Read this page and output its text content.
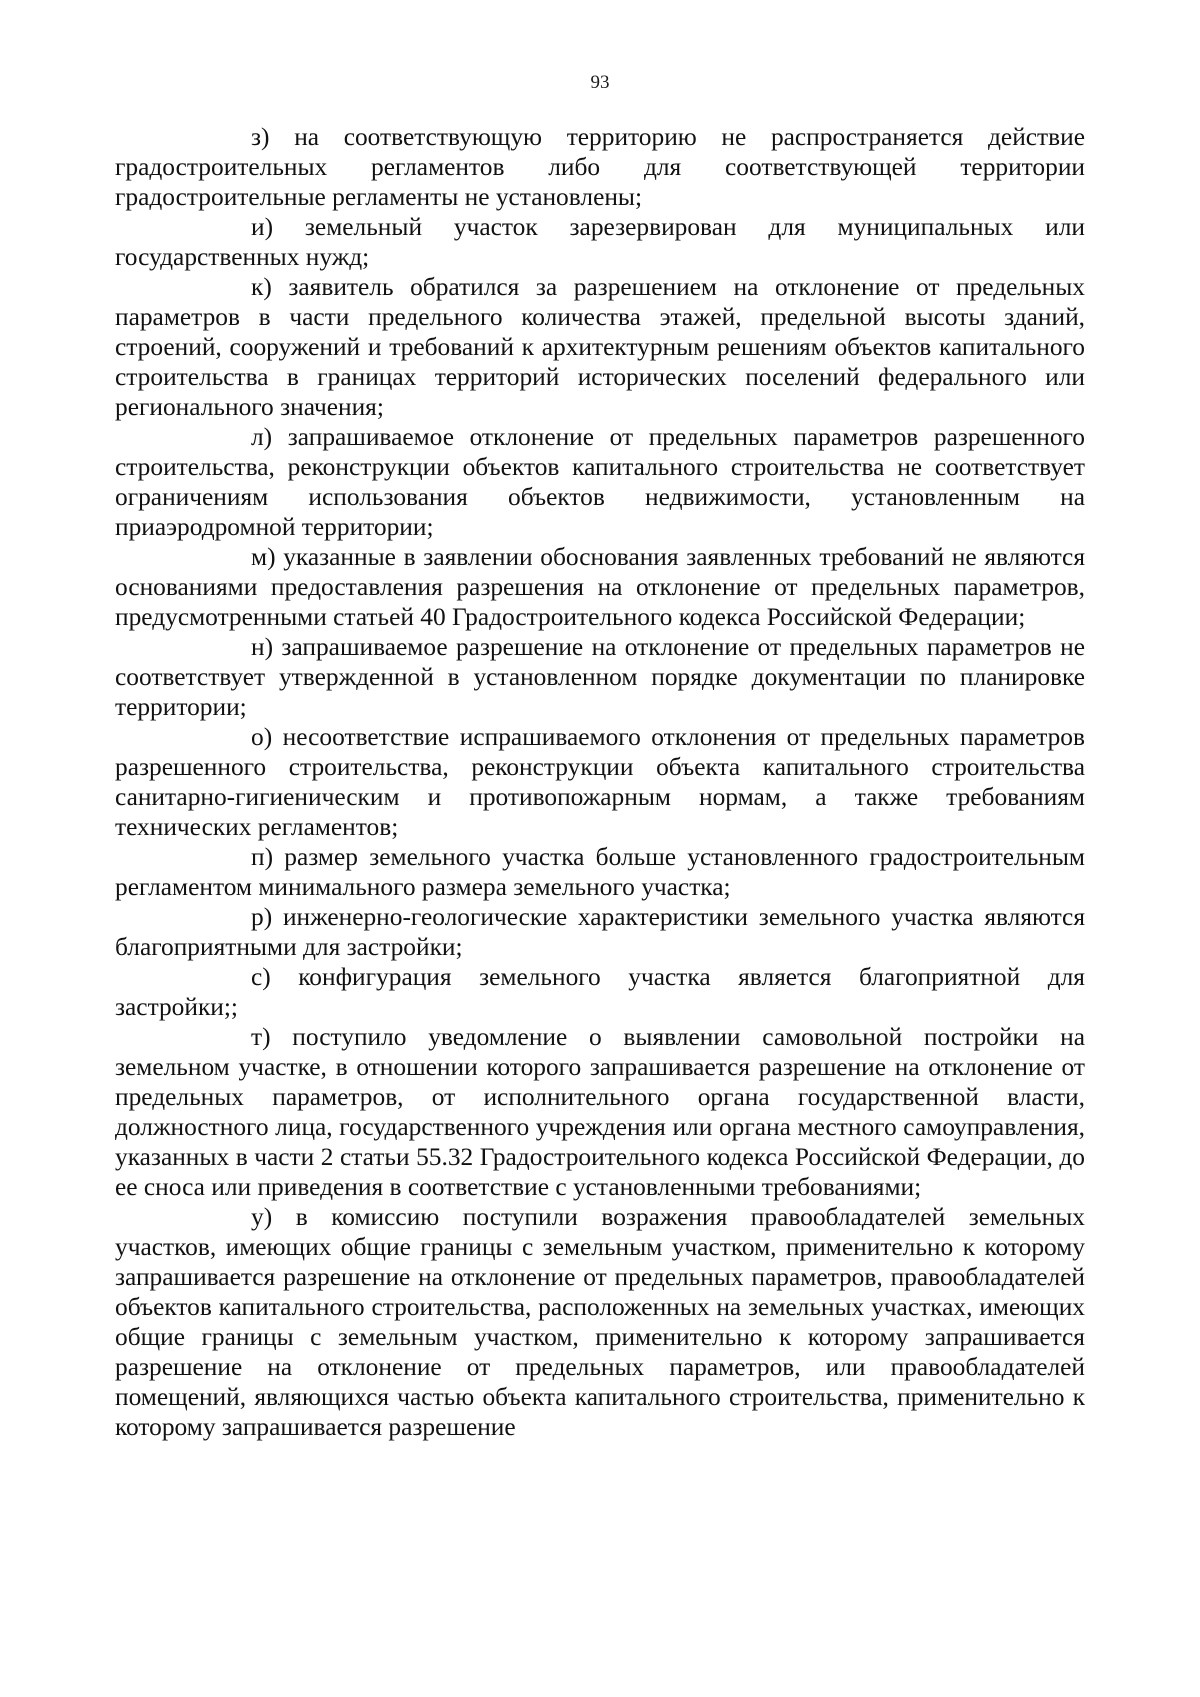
93

з) на соответствующую территорию не распространяется действие градостроительных регламентов либо для соответствующей территории градостроительные регламенты не установлены;

и) земельный участок зарезервирован для муниципальных или государственных нужд;

к) заявитель обратился за разрешением на отклонение от предельных параметров в части предельного количества этажей, предельной высоты зданий, строений, сооружений и требований к архитектурным решениям объектов капитального строительства в границах территорий исторических поселений федерального или регионального значения;

л) запрашиваемое отклонение от предельных параметров разрешенного строительства, реконструкции объектов капитального строительства не соответствует ограничениям использования объектов недвижимости, установленным на приаэродромной территории;

м) указанные в заявлении обоснования заявленных требований не являются основаниями предоставления разрешения на отклонение от предельных параметров, предусмотренными статьей 40 Градостроительного кодекса Российской Федерации;

н) запрашиваемое разрешение на отклонение от предельных параметров не соответствует утвержденной в установленном порядке документации по планировке территории;

о) несоответствие испрашиваемого отклонения от предельных параметров разрешенного строительства, реконструкции объекта капитального строительства санитарно-гигиеническим и противопожарным нормам, а также требованиям технических регламентов;

п) размер земельного участка больше установленного градостроительным регламентом минимального размера земельного участка;

р) инженерно-геологические характеристики земельного участка являются благоприятными для застройки;

с) конфигурация земельного участка является благоприятной для застройки;;

т) поступило уведомление о выявлении самовольной постройки на земельном участке, в отношении которого запрашивается разрешение на отклонение от предельных параметров, от исполнительного органа государственной власти, должностного лица, государственного учреждения или органа местного самоуправления, указанных в части 2 статьи 55.32 Градостроительного кодекса Российской Федерации, до ее сноса или приведения в соответствие с установленными требованиями;

у) в комиссию поступили возражения правообладателей земельных участков, имеющих общие границы с земельным участком, применительно к которому запрашивается разрешение на отклонение от предельных параметров, правообладателей объектов капитального строительства, расположенных на земельных участках, имеющих общие границы с земельным участком, применительно к которому запрашивается разрешение на отклонение от предельных параметров, или правообладателей помещений, являющихся частью объекта капитального строительства, применительно к которому запрашивается разрешение
